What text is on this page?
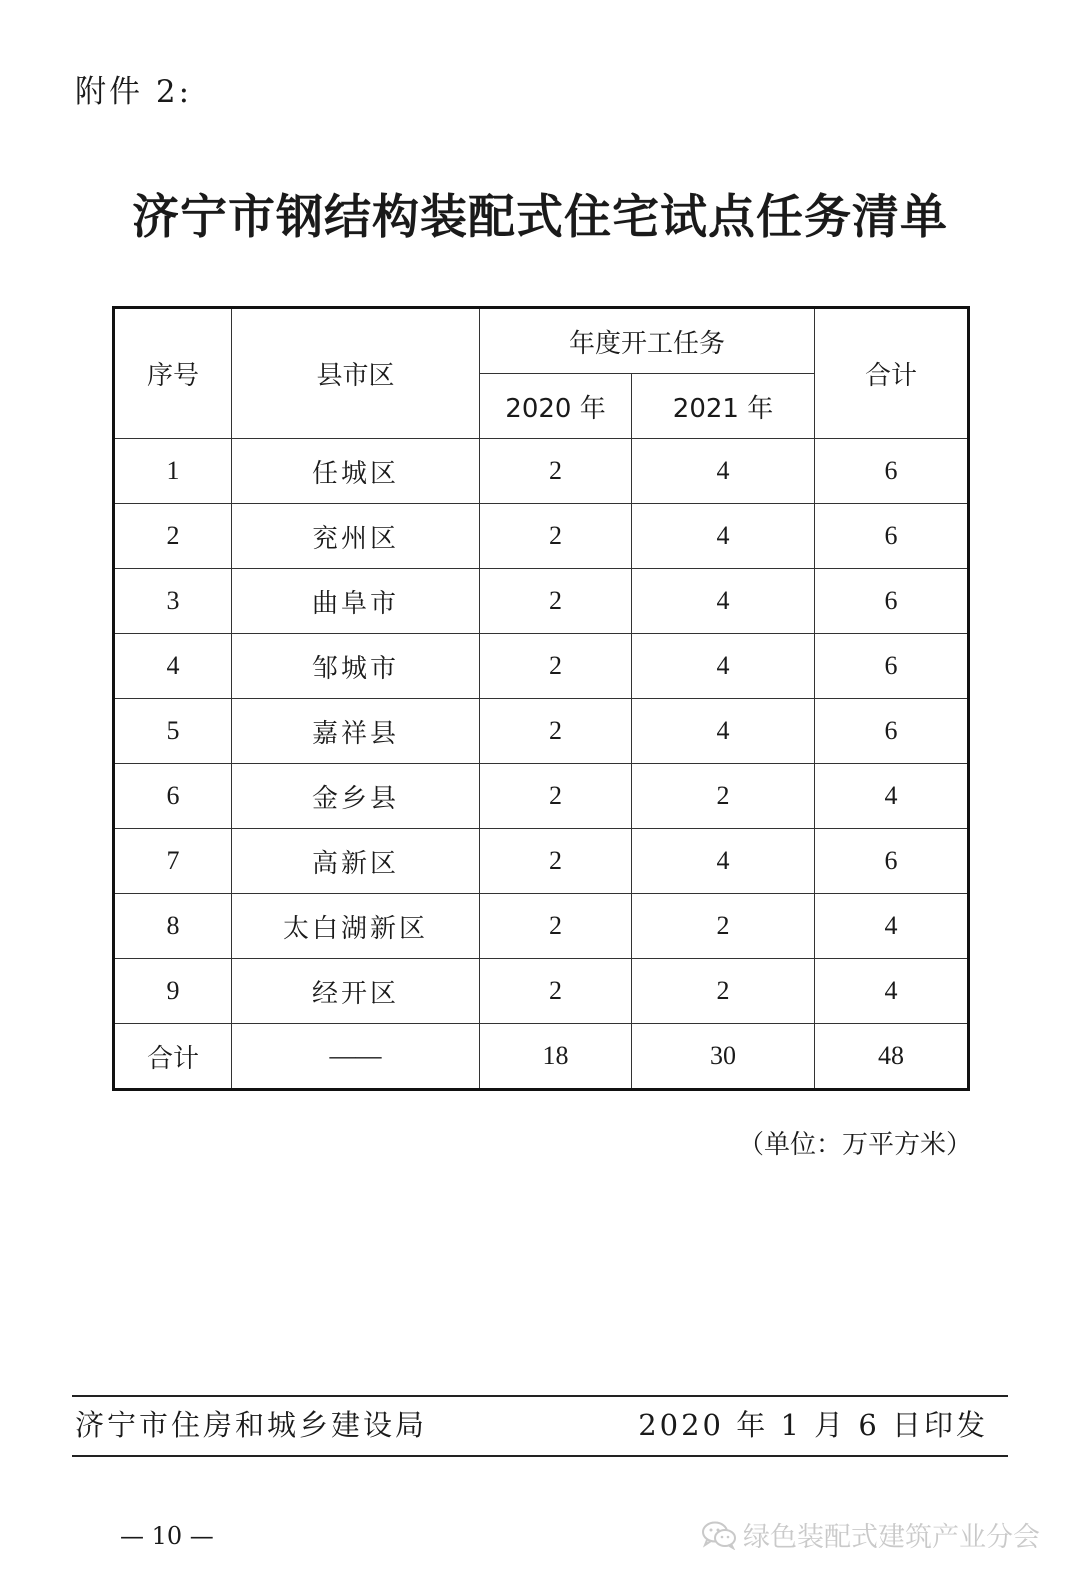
附件 2:
济宁市钢结构装配式住宅试点任务清单
序号	县市区	年度开工任务		合计
		2020 年	2021 年	
1	任城区	2	4	6
2	兖州区	2	4	6
3	曲阜市	2	4	6
4	邹城市	2	4	6
5	嘉祥县	2	4	6
6	金乡县	2	2	4
7	高新区	2	4	6
8	太白湖新区	2	2	4
9	经开区	2	2	4
合计	——	18	30	48
（单位：万平方米）
济宁市住房和城乡建设局	2020 年 1 月 6 日印发
— 10 —	绿色装配式建筑产业分会
